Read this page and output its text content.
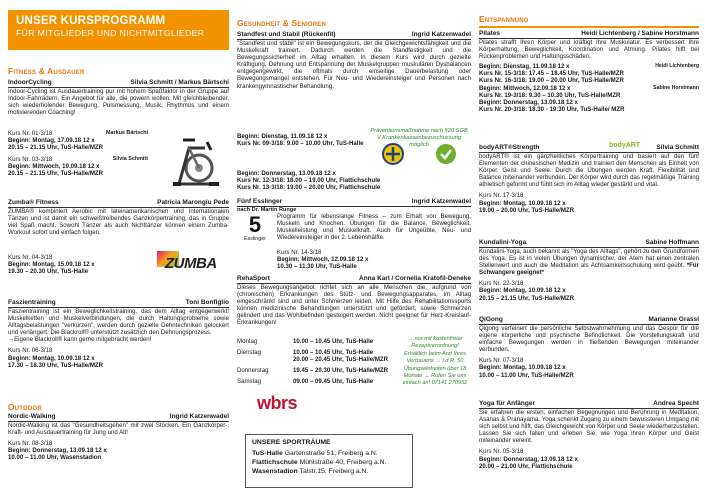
UNSER KURSPROGRAMM
FÜR MITGLIEDER UND NICHTMITGLIEDER
Fitness & Ausdauer
IndoorCycling	Silvia Schmitt / Markus Bärtschi
Indoor-Cycling ist Ausdauertraining pur mit hohem Spaßfaktor in der Gruppe auf Indoor-Fahrrädern. Ein Angebot für alle, die powern wollen. Mit gleichbleibender, sich wiederholender Bewegung, Pulsmessung, Musik, Rhythmus und einem motivierenden Coaching!
Kurs Nr. 01-3/18	Markus Bärtschi
Beginn: Montag, 17.09.18 12 x
20.15 – 21.15 Uhr, TuS-Halle/MZR
Kurs Nr. 03-3/18	Silvia Schmitt
Beginn: Mittwoch, 19.09.18 12 x
20.15 – 21.15 Uhr, TuS-Halle/MZR
Zumba® Fitness	Patricia Marongiu Pede
ZUMBA® kombiniert Aerobic mit lateinamerikanischen und internationalen Tänzen und ist damit ein schweißtreibendes Ganzkörpertraining, das in Gruppe viel Spaß macht. Sowohl Tänzer als auch Nichttänzer können einem Zumba-Workout sofort und einfach folgen.
Kurs Nr. 04-3/18
Beginn: Montag, 15.09.18 12 x
19.30 – 20.30 Uhr, TuS-Halle	ZUMBA
Faszientraining	Toni Bonfiglio
Faszientraining ist ein Beweglichkeitstraining, das dem Alltag entgegenwirkt! Muskelketten und Muskelverbindungen, die durch Haltungsprobleme sowie Alltagsbelastungen "verkürzen", werden durch gezielte Dehntechniken gelockert und verlängert. Die Blackroll® unterstützt zusätzlich den Dehnungsprozess.
→Eigene Blackroll® kann gerne mitgebracht werden!
Kurs Nr. 06-3/18
Beginn: Montag, 10.09.18 12 x
17.30 – 18.30 Uhr, TuS-Halle/MZR
Outdoor
Nordic-Walking	Ingrid Katzenwadel
Nordic-Walking ist das "Gesundheitsgehen" mit zwei Stöcken. Ein Ganzkörper-, Kraft- und Ausdauertraining für Jung und Alt!
Kurs Nr. 08-3/18
Beginn: Donnerstag, 13.09.18 12 x
10.00 – 11.00 Uhr, Wasenstadion
Gesundheit & Senioren
Standfest und Stabil (Rückenfit)	Ingrid Katzenwadel
"Standfest und stabil" ist ein Bewegungskurs, der die Gleichgewichtsfähigkeit und die Muskelkraft trainiert. Dadurch werden die Standfestigkeit und die Bewegungssicherheit im Alltag erhalten. In diesem Kurs wird durch gezielte Kräftigung, Dehnung und Entspannung der Muskelgruppen muskulären Dysbalancen entgegengewirkt, die oftmals durch einseitige Dauerbelastung oder Bewegungsmangel entstehen. Für Neu- und Wiedereinsteiger und Personen nach krankengymnastischer Behandlung.
Beginn: Dienstag, 11.09.18 12 x
Kurs Nr. 09-3/18: 9.00 – 10.00 Uhr, TuS-Halle
Präventionsmaßnahme nach §20 SGB V Krankenkassenbezuschussung möglich
Beginn: Donnerstag, 13.09.18 12 x
Kurs Nr. 12-3/18: 18.00 – 19.00 Uhr, Flattichschule
Kurs Nr. 13-3/18: 19.00 – 20.00 Uhr, Flattichschule
Fünf Esslinger	Ingrid Katzenwadel
nach Dr. Martin Runge
5
Esslinger
Programm für lebenslange Fitness – zum Erhalt von Bewegung, Muskeln und Knochen. Übungen für die Balance, Beweglichkeit, Muskelleistung und Muskelkraft. Auch für Ungeübte, Neu- und Wiedereinsteiger in der 2. Lebenshälfte.
Kurs Nr. 14-3/18
Beginn: Mittwoch, 12.09.18 12 x
10.30 – 11.30 Uhr, TuS-Halle
RehaSport	Anna Karl / Cornelia Kratofil-Deneke
Dieses Bewegungsangebot richtet sich an alle Menschen die, aufgrund von (chronischen) Erkrankungen des Stütz- und Bewegungsapparates, im Alltag eingeschränkt sind und unter Schmerzen leiden. Mit Hilfe des Rehabilitationssports können medizinische Behandlungen unterstützt und gefördert, sowie Schmerzen gelindert und das Wohlbefinden gesteigert werden. Nicht geeignet für Herz-Kreislauf-Erkrankungen!
Montag	10.00 – 10.45 Uhr, TuS-Halle
Dienstag	10.00 – 10.45 Uhr, TuS-Halle
20.00 – 20.45 Uhr, TuS-Halle/MZR
Donnerstag	19.45 – 20.30 Uhr, TuS-Halle/MZR
Samstag	09.00 – 09.45 Uhr, TuS-Halle
→ nur mit kostenfreier Rezeptverordnung! Erhältlich beim Arzt Ihres Vertrauens → i.d.R. 50 Übungseinheiten über 18 Monate → Rufen Sie uns einfach an! 07141 270952
wbrs
UNSERE SPORTRÄUME
TuS-Halle Gartenstraße 51, Freiberg a.N.
Flattichschule Mühlstraße 40, Freiberg a.N.
Wasenstadion Talstr.15, Freiberg a.N.
Entspannung
Pilates	Heidi Lichtenberg / Sabine Horstmann
Pilates strafft Ihren Körper und kräftigt Ihre Muskulatur. Es verbessert Ihre Körperhaltung, Beweglichkeit, Koordination und Atmung. Pilates hilft bei Rückenproblemen und Haltungsschäden.
Beginn: Dienstag, 11.09.18 12 x	Heidi Lichtenberg
Kurs Nr. 15-3/18: 17.45 – 18.45 Uhr, TuS-Halle/MZR
Kurs Nr. 16-3/18: 19.00 – 20.00 Uhr, TuS-Halle/MZR
Beginn: Mittwoch, 12.09.18 12 x	Sabine Horstmann
Kurs Nr. 19-3/18: 9.30 – 10.30 Uhr, TuS-Halle/MZR
Beginn: Donnerstag, 13.09.18 12 x
Kurs Nr. 20-3/18: 18.30 - 19:30 Uhr, TuS-Halle/ MZR
bodyART
bodyART®Strength	Silvia Schmitt
bodyART® ist ein ganzheitliches Körpertraining und basiert auf den fünf Elementen der chinesischen Medizin und trainiert den Menschen als Einheit von Körper, Geist und Seele. Durch die Übungen werden Kraft, Flexibilität und Balance miteinander verbunden. Der Körper wird durch das regelmäßige Training athletisch geformt und fühlt sich im Alltag wieder gestärkt und vital.
Kurs Nr. 17-3/18
Beginn: Montag, 10.09.18 12 x
19.00 – 20.00 Uhr, TuS-Halle/MZR
Kundalini-Yoga	Sabine Hoffmann
Kundalini-Yoga, auch bekannt als "Yoga des Alltags", gehört zu den Grundformen des Yoga. Es ist in vielen Übungen dynamischer, der Atem hat einen zentralen Stellenwert und auch die Meditation als Achtsamkeitsschulung wird geübt. *Für Schwangere geeignet*
Kurs Nr. 22-3/18
Beginn: Montag, 10.09.18 12 x
20.15 – 21.15 Uhr, TuS-Halle/MZR
QiGong	Marianne Grassl
Qigong verfeinert die persönliche Selbstwahrnehmung und das Gespür für die eigene körperliche und psychische Befindlichkeit. Die Vorstellungskraft und einfache Bewegungen werden in fließenden Bewegungen miteinander verbunden.
Kurs Nr. 07-3/18
Beginn: Montag, 10.09.18 12 x
10.00 – 11.00 Uhr, TuS-Halle/MZR
Yoga für Anfänger	Andrea Specht
Sie erfahren die ersten, einfachen Begegnungen und Berührung in Meditation, Asanas & Pranayama. Yoga schenkt Zugang zu einem bewussteren Umgang mit sich selbst und hilft, das Gleichgewicht von Körper und Seele wiederherzustellen. Lassen Sie sich fallen und erleben Sie, wie Yoga Ihren Körper und Geist miteinander vereint.
Kurs Nr. 05-3/18
Beginn: Donnerstag, 13.09.18 12 x
20.00 – 21.00 Uhr, Flattichschule
